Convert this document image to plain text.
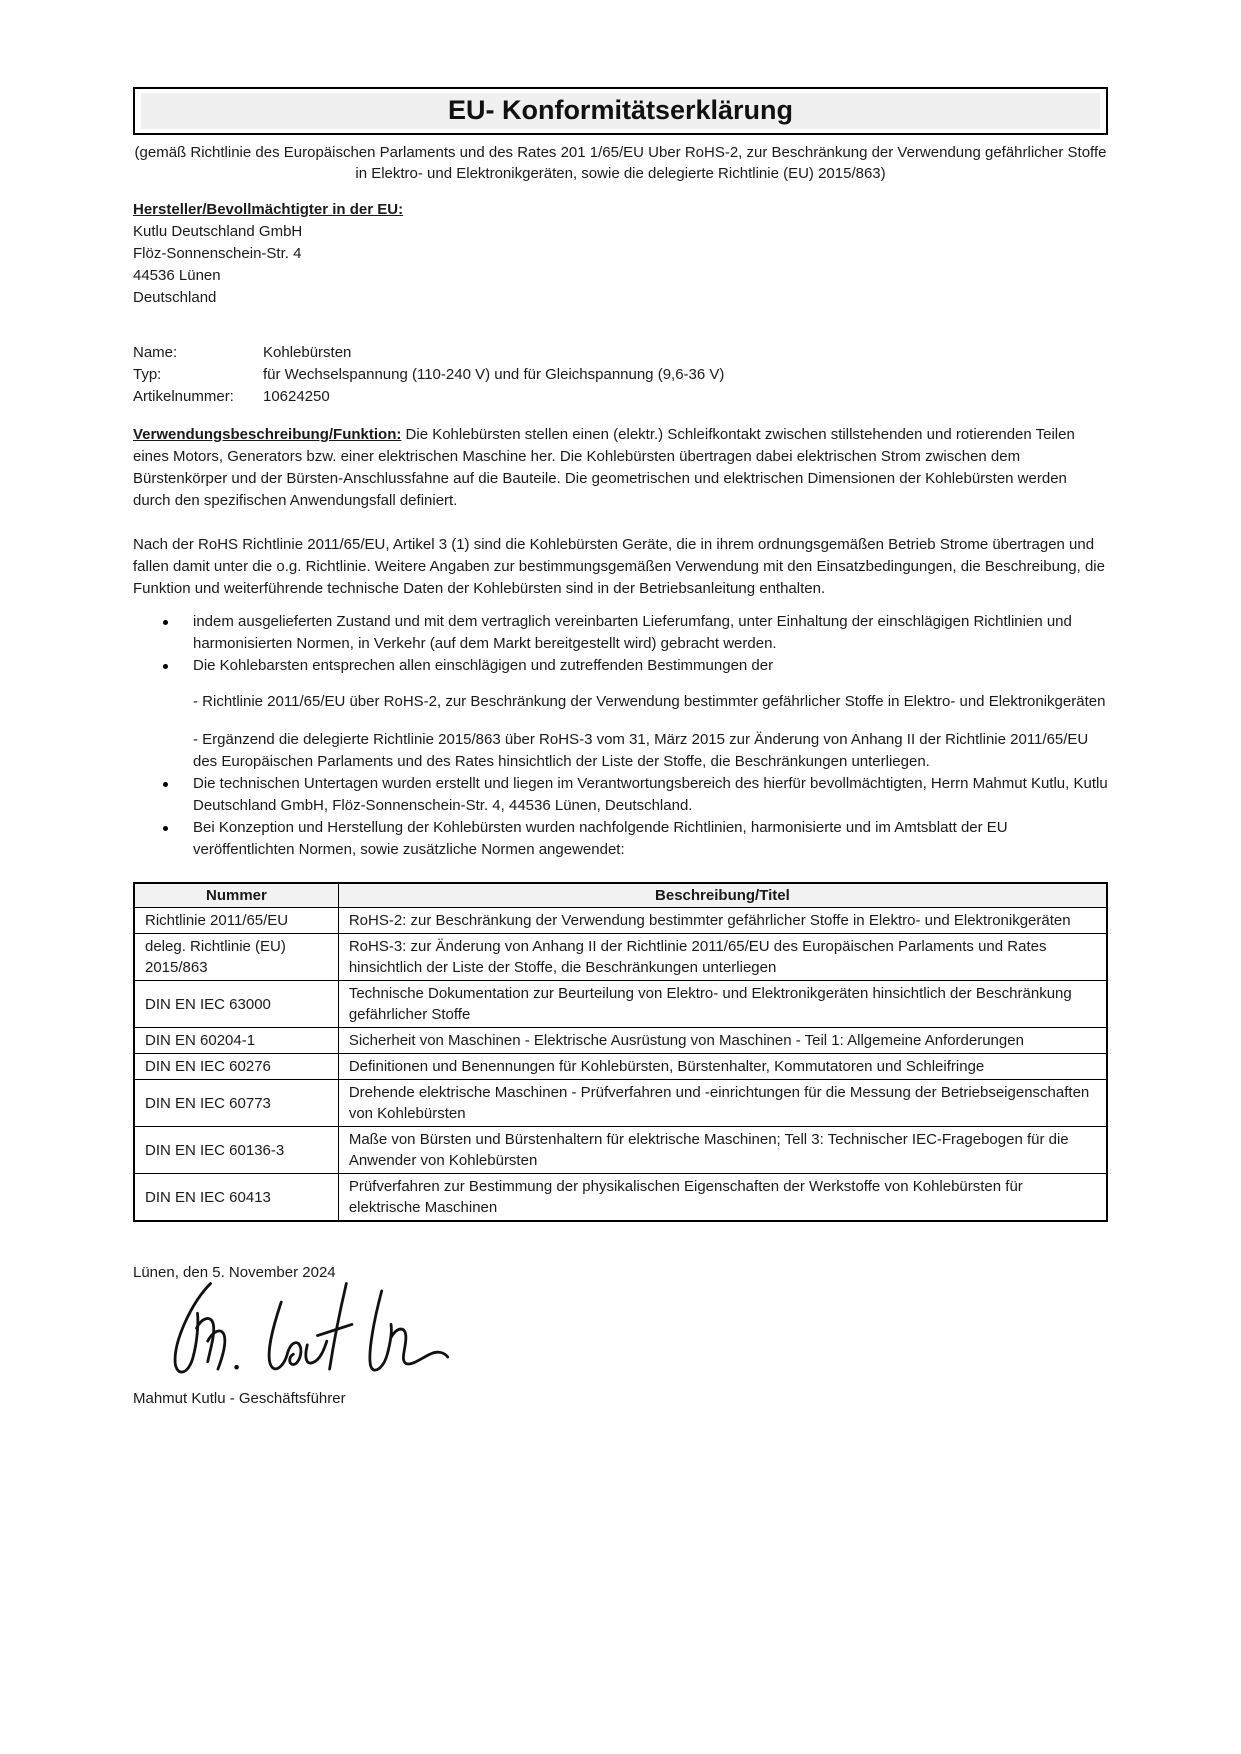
EU- Konformitätserklärung

(gemäß Richtlinie des Europäischen Parlaments und des Rates 201 1/65/EU Uber RoHS-2, zur Beschränkung der Verwendung gefährlicher Stoffe in Elektro- und Elektronikgeräten, sowie die delegierte Richtlinie (EU) 2015/863)

Hersteller/Bevollmächtigter in der EU:
Kutlu Deutschland GmbH
Flöz-Sonnenschein-Str. 4
44536 Lünen
Deutschland
Name:	Kohlebürsten
Typ:	für Wechselspannung (110-240 V) und für Gleichspannung (9,6-36 V)
Artikelnummer:	10624250

Verwendungsbeschreibung/Funktion: Die Kohlebürsten stellen einen (elektr.) Schleifkontakt zwischen stillstehenden und rotierenden Teilen eines Motors, Generators bzw. einer elektrischen Maschine her. Die Kohlebürsten übertragen dabei elektrischen Strom zwischen dem Bürstenkörper und der Bürsten-Anschlussfahne auf die Bauteile. Die geometrischen und elektrischen Dimensionen der Kohlebürsten werden durch den spezifischen Anwendungsfall definiert.

Nach der RoHS Richtlinie 2011/65/EU, Artikel 3 (1) sind die Kohlebürsten Geräte, die in ihrem ordnungsgemäßen Betrieb Strome übertragen und fallen damit unter die o.g. Richtlinie. Weitere Angaben zur bestimmungsgemäßen Verwendung mit den Einsatzbedingungen, die Beschreibung, die Funktion und weiterführende technische Daten der Kohlebürsten sind in der Betriebsanleitung enthalten.

indem ausgelieferten Zustand und mit dem vertraglich vereinbarten Lieferumfang, unter Einhaltung der einschlägigen Richtlinien und harmonisierten Normen, in Verkehr (auf dem Markt bereitgestellt wird) gebracht werden.
Die Kohlebarsten entsprechen allen einschlägigen und zutreffenden Bestimmungen der
- Richtlinie 2011/65/EU über RoHS-2, zur Beschränkung der Verwendung bestimmter gefährlicher Stoffe in Elektro- und Elektronikgeräten
- Ergänzend die delegierte Richtlinie 2015/863 über RoHS-3 vom 31, März 2015 zur Änderung von Anhang II der Richtlinie 2011/65/EU des Europäischen Parlaments und des Rates hinsichtlich der Liste der Stoffe, die Beschränkungen unterliegen.
Die technischen Untertagen wurden erstellt und liegen im Verantwortungsbereich des hierfür bevollmächtigten, Herrn Mahmut Kutlu, Kutlu Deutschland GmbH, Flöz-Sonnenschein-Str. 4, 44536 Lünen, Deutschland.
Bei Konzeption und Herstellung der Kohlebürsten wurden nachfolgende Richtlinien, harmonisierte und im Amtsblatt der EU veröffentlichten Normen, sowie zusätzliche Normen angewendet:
Nummer	Beschreibung/Titel
Richtlinie 2011/65/EU	RoHS-2: zur Beschränkung der Verwendung bestimmter gefährlicher Stoffe in Elektro- und Elektronikgeräten
deleg. Richtlinie (EU) 2015/863	RoHS-3: zur Änderung von Anhang II der Richtlinie 2011/65/EU des Europäischen Parlaments und Rates hinsichtlich der Liste der Stoffe, die Beschränkungen unterliegen
DIN EN IEC 63000	Technische Dokumentation zur Beurteilung von Elektro- und Elektronikgeräten hinsichtlich der Beschränkung gefährlicher Stoffe
DIN EN 60204-1	Sicherheit von Maschinen - Elektrische Ausrüstung von Maschinen - Teil 1: Allgemeine Anforderungen
DIN EN IEC 60276	Definitionen und Benennungen für Kohlebürsten, Bürstenhalter, Kommutatoren und Schleifringe
DIN EN IEC 60773	Drehende elektrische Maschinen - Prüfverfahren und -einrichtungen für die Messung der Betriebseigenschaften von Kohlebürsten
DIN EN IEC 60136-3	Maße von Bürsten und Bürstenhaltern für elektrische Maschinen; Tell 3: Technischer IEC-Fragebogen für die Anwender von Kohlebürsten
DIN EN IEC 60413	Prüfverfahren zur Bestimmung der physikalischen Eigenschaften der Werkstoffe von Kohlebürsten für elektrische Maschinen
Lünen, den 5. November 2024
Mahmut Kutlu - Geschäftsführer
